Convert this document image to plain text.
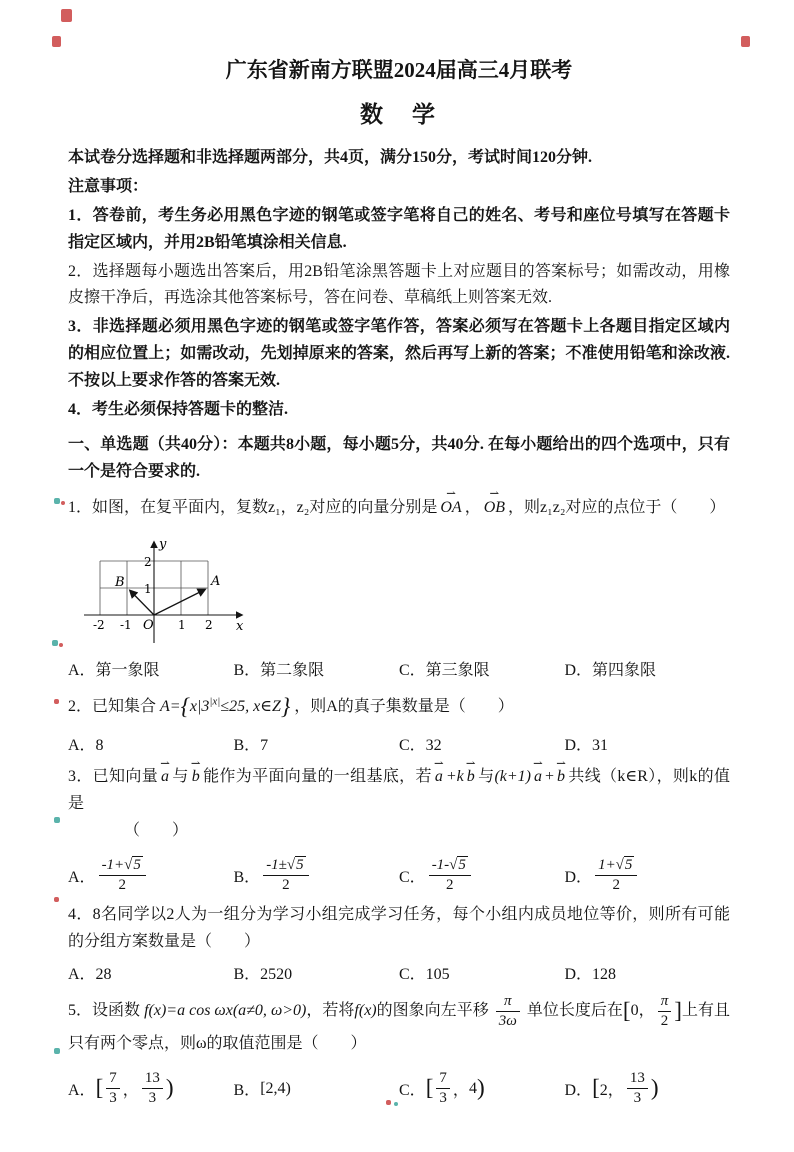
广东省新南方联盟2024届高三4月联考
数　学

本试卷分选择题和非选择题两部分，共4页，满分150分，考试时间120分钟.

注意事项：

1．答卷前，考生务必用黑色字迹的钢笔或签字笔将自己的姓名、考号和座位号填写在答题卡指定区域内，并用2B铅笔填涂相关信息.

2．选择题每小题选出答案后，用2B铅笔涂黑答题卡上对应题目的答案标号；如需改动，用橡皮擦干净后，再选涂其他答案标号，答在问卷、草稿纸上则答案无效.

3．非选择题必须用黑色字迹的钢笔或签字笔作答，答案必须写在答题卡上各题目指定区域内的相应位置上；如需改动，先划掉原来的答案，然后再写上新的答案；不准使用铅笔和涂改液. 不按以上要求作答的答案无效.

4．考生必须保持答题卡的整洁.

一、单选题（共40分）：本题共8小题，每小题5分，共40分. 在每小题给出的四个选项中，只有一个是符合要求的.

1．如图，在复平面内，复数z₁，z₂对应的向量分别是 ⇀ OA ， ⇀ OB ，则z₁z₂对应的点位于（　　）

y
x
O
A
B
-2 -1	1 2
2
1
A．第一象限	B．第二象限	C．第三象限	D．第四象限

2．已知集合 $A=\{x|3^{|x|}\le 25$, x∈Z} ，则A的真子集数量是（　　）

A．8	B．7	C．32	D．31

3．已知向量 ⇀ a 与 ⇀ b 能作为平面向量的一组基底，若 ⇀ a +k ⇀ b 与(k+1) ⇀ a + ⇀ b 共线（k∈R），则k的值是

（　　）

A． $\frac{-1+√5}{2}$	B． $\frac{-1\pm√5}{2}$	C． $\frac{-1-√5}{2}$	D． $\frac{1+√5}{2}$

4．8名同学以2人为一组分为学习小组完成学习任务，每个小组内成员地位等价，则所有可能的分组方案数量是（　　）

A．28	B．2520	C．105	D．128

5．设函数 f(x)=a cos ωx(a≠0, ω>0)，若将f(x)的图象向左平移 $\frac{\pi}{3\omega}$ 单位长度后在[0， $\frac{\pi}{2}$ ]上有且只有两个零点，则ω的取值范围是（　　）

A． [ $\frac{7}{3}$ ， $\frac{13}{3}$ )	B． [2,4)	C． [ $\frac{7}{3}$ ， 4 )	D． [ 2， $\frac{13}{3}$ )
